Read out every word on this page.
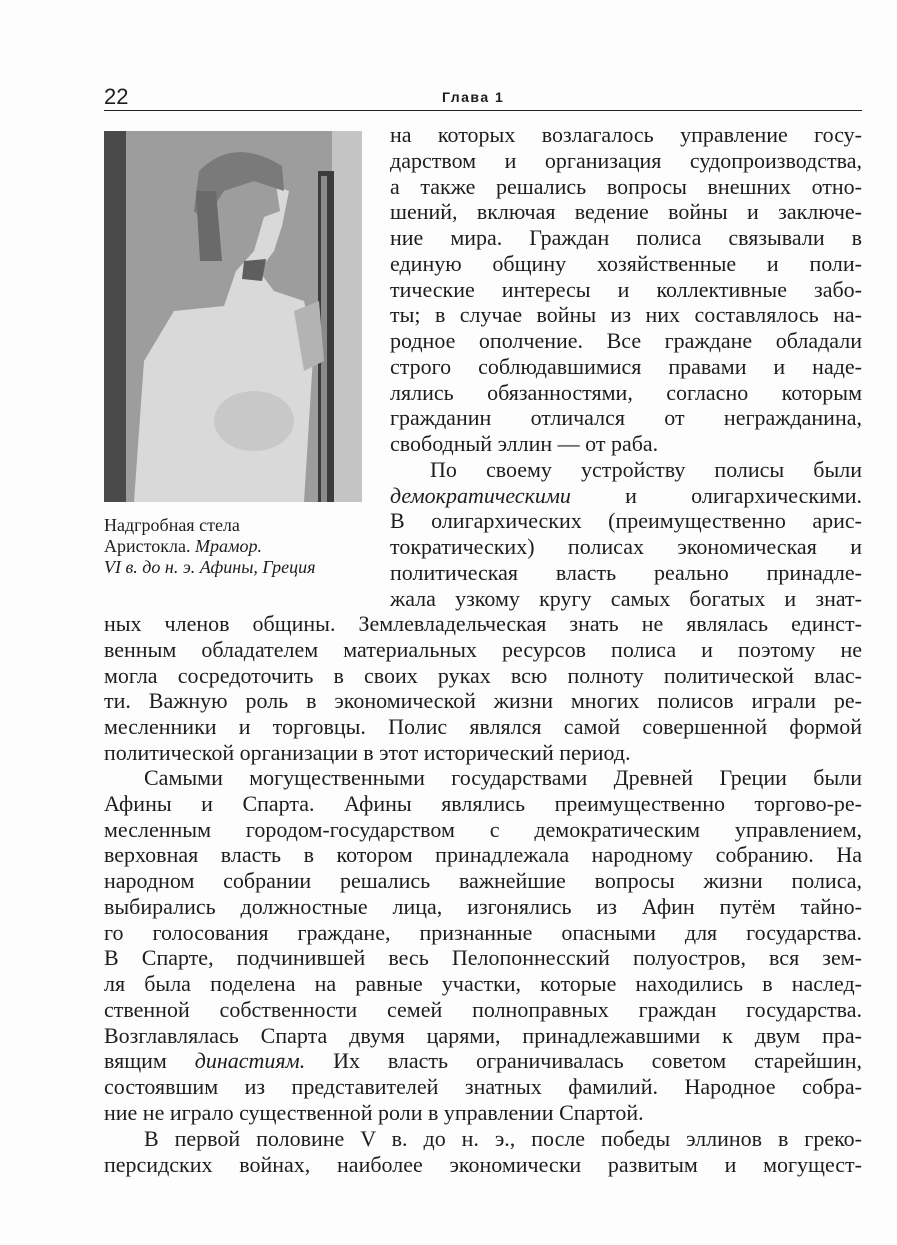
22	Глава 1
Надгробная стела
Аристокла. Мрамор.
VI в. до н. э. Афины, Греция
на которых возлагалось управление госу-
дарством и организация судопроизводства,
а также решались вопросы внешних отно-
шений, включая ведение войны и заключе-
ние мира. Граждан полиса связывали в
единую общину хозяйственные и поли-
тические интересы и коллективные забо-
ты; в случае войны из них составлялось на-
родное ополчение. Все граждане обладали
строго соблюдавшимися правами и наде-
лялись обязанностями, согласно которым
гражданин отличался от негражданина,
свободный эллин — от раба.
По своему устройству полисы были
демократическими и олигархическими.
В олигархических (преимущественно арис-
тократических) полисах экономическая и
политическая власть реально принадле-
жала узкому кругу самых богатых и знат-
ных членов общины. Землевладельческая знать не являлась единст-
венным обладателем материальных ресурсов полиса и поэтому не
могла сосредоточить в своих руках всю полноту политической влас-
ти. Важную роль в экономической жизни многих полисов играли ре-
месленники и торговцы. Полис являлся самой совершенной формой
политической организации в этот исторический период.
Самыми могущественными государствами Древней Греции были
Афины и Спарта. Афины являлись преимущественно торгово-ре-
месленным городом-государством с демократическим управлением,
верховная власть в котором принадлежала народному собранию. На
народном собрании решались важнейшие вопросы жизни полиса,
выбирались должностные лица, изгонялись из Афин путём тайно-
го голосования граждане, признанные опасными для государства.
В Спарте, подчинившей весь Пелопоннесский полуостров, вся зем-
ля была поделена на равные участки, которые находились в наслед-
ственной собственности семей полноправных граждан государства.
Возглавлялась Спарта двумя царями, принадлежавшими к двум пра-
вящим династиям. Их власть ограничивалась советом старейшин,
состоявшим из представителей знатных фамилий. Народное собра-
ние не играло существенной роли в управлении Спартой.
В первой половине V в. до н. э., после победы эллинов в греко-
персидских войнах, наиболее экономически развитым и могущест-
